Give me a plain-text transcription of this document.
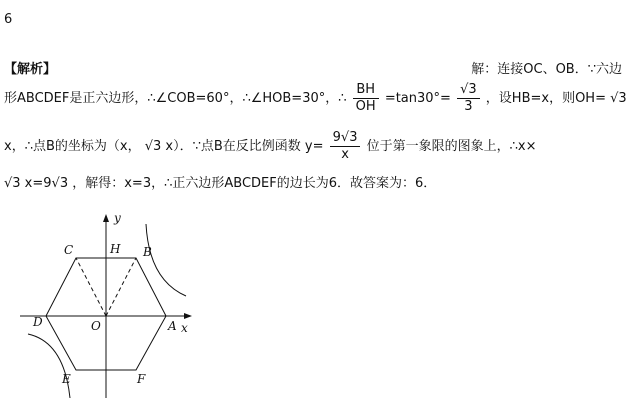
6
【解析】	解：连接OC、OB．∵六边
形ABCDEF是正六边形，∴∠COB=60°，∴∠HOB=30°，∴ $\frac{BH}{OH} =\tan 30^\circ= \frac{√3}{3}$ ，设HB=x，则OH= √3
x，∴点B的坐标为（x， √3 x）．∵点B在反比例函数 $y= \frac{9√3}{x}$ 位于第一象限的图象上，∴x×
√3 x=9√3 ，解得：x=3，∴正六边形ABCDEF的边长为6．故答案为：6．
y
x
C	H B
D	O	A
E	F
